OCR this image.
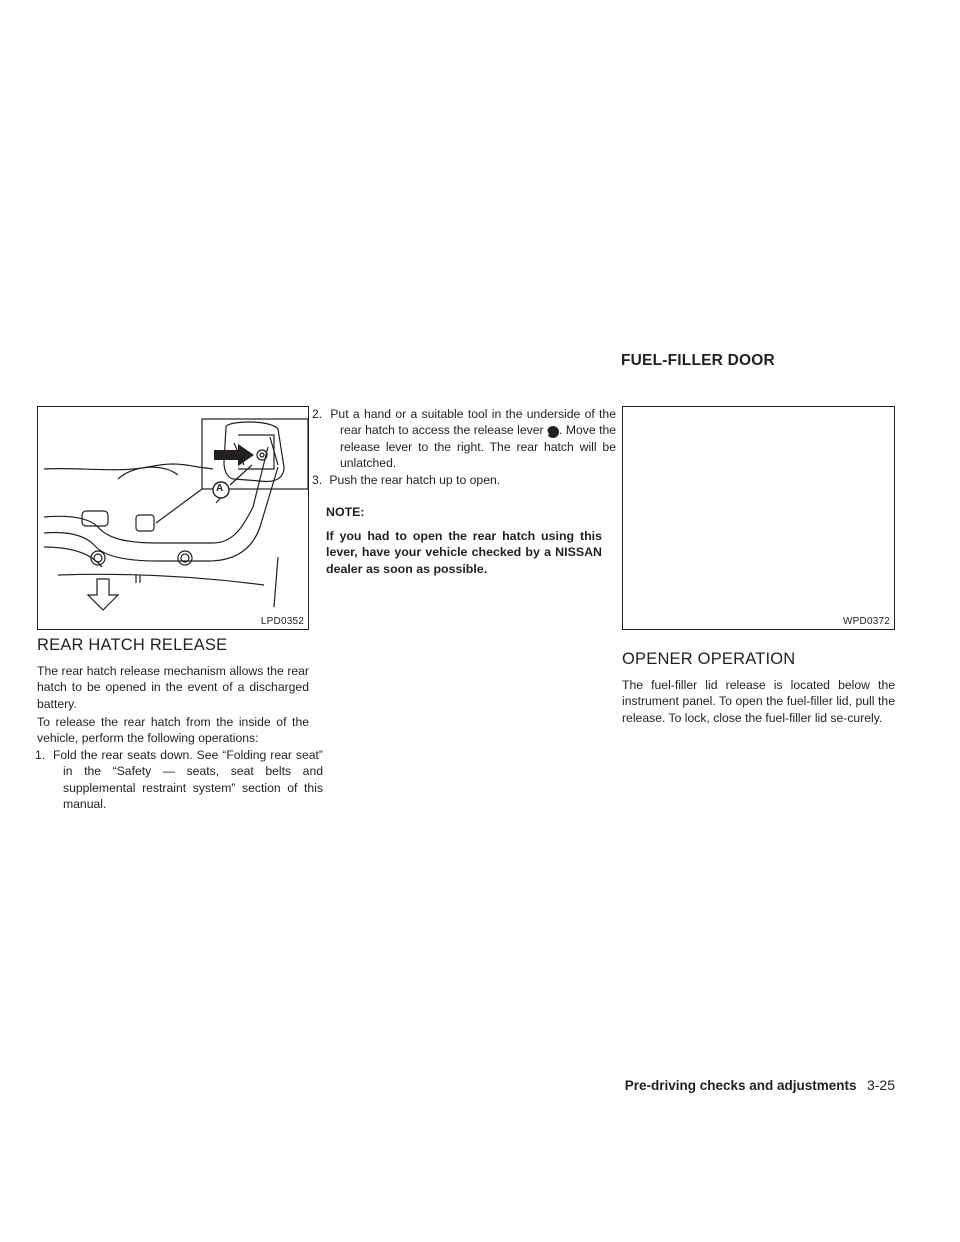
FUEL-FILLER DOOR
A
LPD0352	WPD0372
REAR HATCH RELEASE

The rear hatch release mechanism allows the rear hatch to be opened in the event of a discharged battery.

To release the rear hatch from the inside of the vehicle, perform the following operations:

1. Fold the rear seats down. See “Folding rear seat” in the “Safety — seats, seat belts and supplemental restraint system” section of this manual.
2. Put a hand or a suitable tool in the underside of the rear hatch to access the release lever A . Move the release lever to the right. The rear hatch will be unlatched.
3. Push the rear hatch up to open.

NOTE:

If you had to open the rear hatch using this lever, have your vehicle checked by a NISSAN dealer as soon as possible.

OPENER OPERATION

The fuel-filler lid release is located below the instrument panel. To open the fuel-filler lid, pull the release. To lock, close the fuel-filler lid se-curely.

Pre-driving checks and adjustments 3-25
